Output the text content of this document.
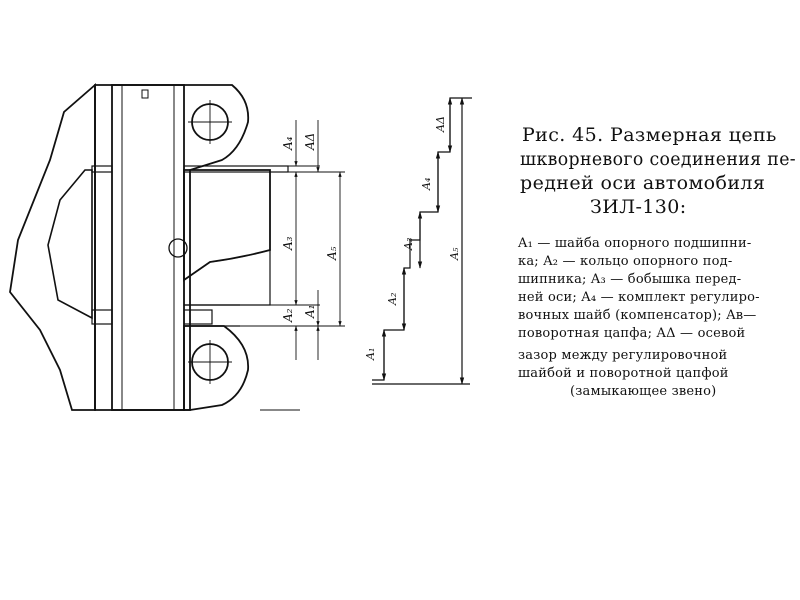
A₄ AΔ
A₃
A₅
A₁
A₂
A₁
A₂
A₃
A₄
AΔ
A₅
Рис. 45. Размерная цепь
шкворневого соединения пе-
редней оси автомобиля
ЗИЛ-130:
A₁ — шайба опорного подшипни-
ка; A₂ — кольцо опорного под-
шипника; A₃ — бобышка перед-
ней оси; A₄ — комплект регулиро-
вочных шайб (компенсатор); Aв—
поворотная цапфа; AΔ — осевой
зазор между регулировочной
шайбой и поворотной цапфой
(замыкающее звено)
